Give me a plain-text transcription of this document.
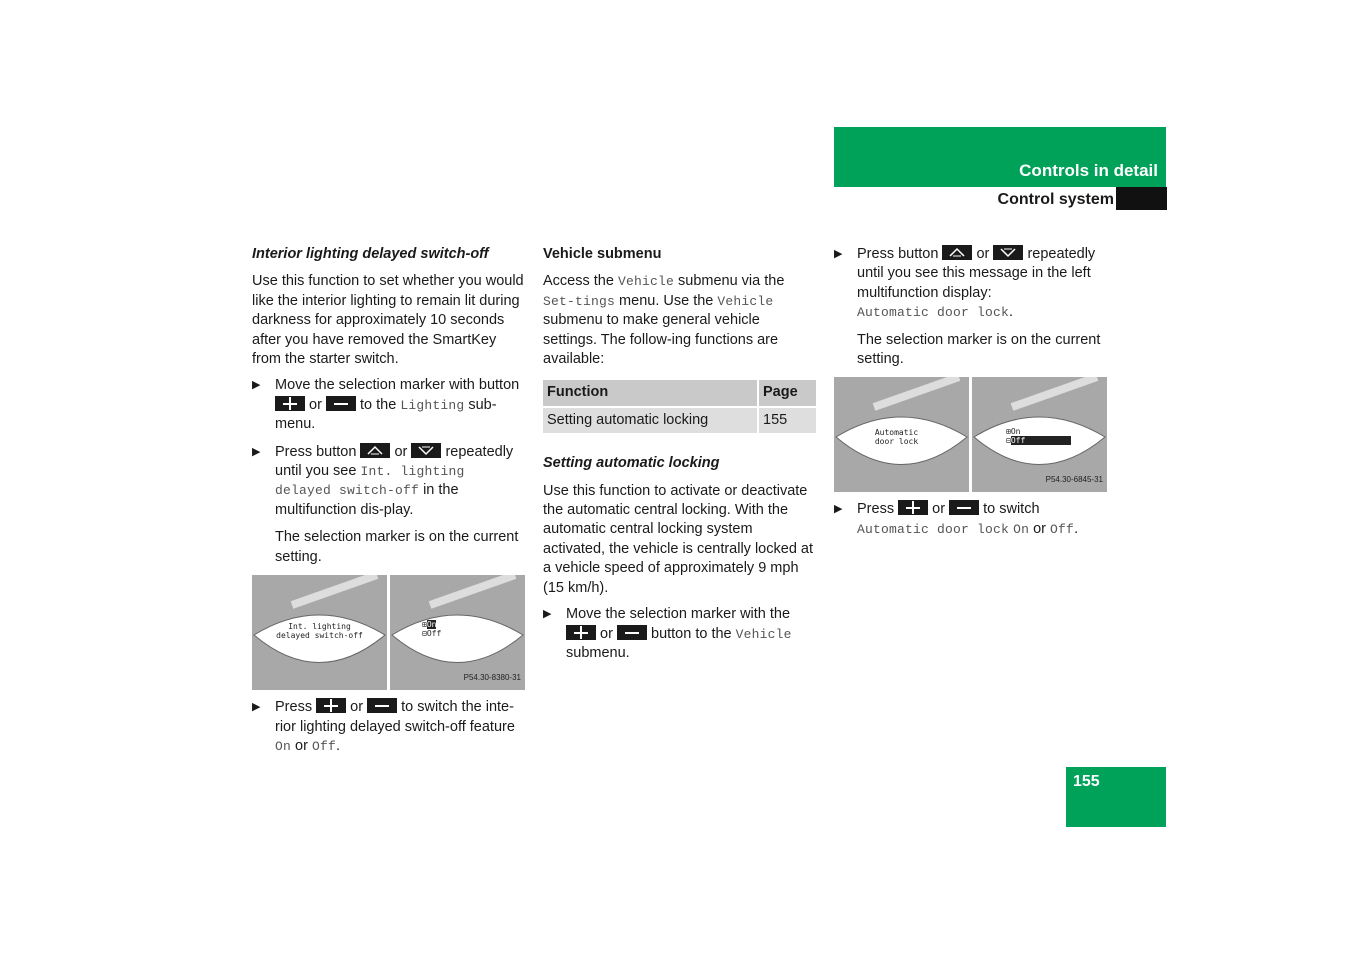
Controls in detail
Control system

Interior lighting delayed switch-off

Use this function to set whether you would like the interior lighting to remain lit during darkness for approximately 10 seconds after you have removed the SmartKey from the starter switch.

▶ Move the selection marker with button  or	to the Lighting sub-menu.

▶ Press button	or	repeatedly until you see Int. lighting delayed switch-off in the multifunction dis-play.

The selection marker is on the current setting.

Int. lighting
delayed switch-off
⊞On
⊟Off
P54.30-8380-31
▶ Press	or	to switch the inte-rior lighting delayed switch-off feature On or Off.

Vehicle submenu

Access the Vehicle submenu via the Set-tings menu. Use the Vehicle submenu to make general vehicle settings. The follow-ing functions are available:

Function	Page
Setting automatic locking	155

Setting automatic locking

Use this function to activate or deactivate the automatic central locking. With the automatic central locking system activated, the vehicle is centrally locked at a vehicle speed of approximately 9 mph (15 km/h).

▶ Move the selection marker with the  or	button to the Vehicle submenu.

▶ Press button	or	repeatedly until you see this message in the left multifunction display:
Automatic door lock.

The selection marker is on the current setting.

Automatic
door lock
⊞On
⊟Off
P54.30-6845-31
▶ Press	or	to switch
Automatic door lock On or Off.

155
